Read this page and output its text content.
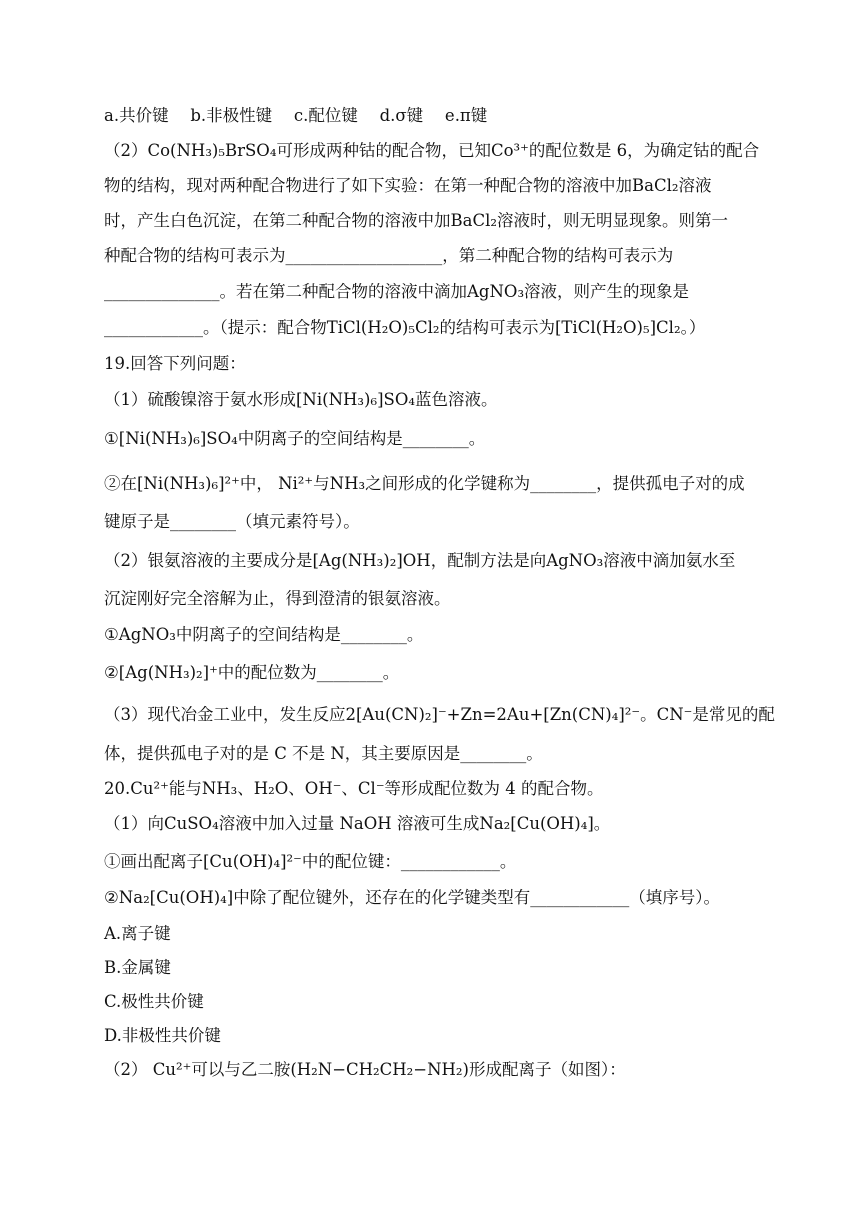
a.共价键　 b.非极性键　 c.配位键　 d.σ键　 e.π键
（2）Co(NH₃)₅BrSO₄可形成两种钴的配合物，已知Co³⁺的配位数是 6，为确定钴的配合
物的结构，现对两种配合物进行了如下实验：在第一种配合物的溶液中加BaCl₂溶液
时，产生白色沉淀，在第二种配合物的溶液中加BaCl₂溶液时，则无明显现象。则第一
种配合物的结构可表示为___________________，第二种配合物的结构可表示为
______________。若在第二种配合物的溶液中滴加AgNO₃溶液，则产生的现象是
____________。（提示：配合物TiCl(H₂O)₅Cl₂的结构可表示为[TiCl(H₂O)₅]Cl₂。）
19.回答下列问题：
（1）硫酸镍溶于氨水形成[Ni(NH₃)₆]SO₄蓝色溶液。
①[Ni(NH₃)₆]SO₄中阴离子的空间结构是________。
②在[Ni(NH₃)₆]²⁺中， Ni²⁺与NH₃之间形成的化学键称为________，提供孤电子对的成
键原子是________（填元素符号）。
（2）银氨溶液的主要成分是[Ag(NH₃)₂]OH，配制方法是向AgNO₃溶液中滴加氨水至
沉淀刚好完全溶解为止，得到澄清的银氨溶液。
①AgNO₃中阴离子的空间结构是________。
②[Ag(NH₃)₂]⁺中的配位数为________。
（3）现代冶金工业中，发生反应2[Au(CN)₂]⁻+Zn=2Au+[Zn(CN)₄]²⁻。CN⁻是常见的配
体，提供孤电子对的是 C 不是 N，其主要原因是________。
20.Cu²⁺能与NH₃、H₂O、OH⁻、Cl⁻等形成配位数为 4 的配合物。
（1）向CuSO₄溶液中加入过量 NaOH 溶液可生成Na₂[Cu(OH)₄]。
①画出配离子[Cu(OH)₄]²⁻中的配位键：____________。
②Na₂[Cu(OH)₄]中除了配位键外，还存在的化学键类型有____________（填序号）。
A.离子键
B.金属键
C.极性共价键
D.非极性共价键
（2） Cu²⁺可以与乙二胺(H₂N−CH₂CH₂−NH₂)形成配离子（如图）：
